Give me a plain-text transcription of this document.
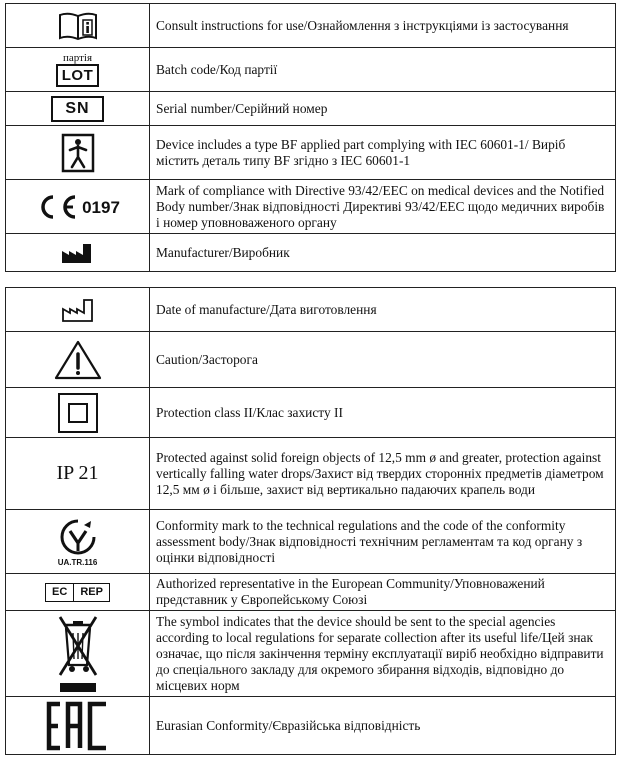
	Consult instructions for use/Ознайомлення з інструкціями із застосування

партія
LOT	Batch code/Код партії

SN	Serial number/Серійний номер

	Device includes a type BF applied part complying with IEC 60601-1/ Виріб містить деталь типу BF згідно з IEC 60601-1

0197	Mark of compliance with Directive 93/42/EEC on medical devices and the Notified Body number/Знак відповідності Директиві 93/42/EEC щодо медичних виробів і номер уповноваженого органу

	Manufacturer/Виробник
	Date of manufacture/Дата виготовлення

	Caution/Засторога

	Protection class II/Клас захисту II

IP 21	Protected against solid foreign objects of 12,5 mm ø and greater, protection against vertically falling water drops/Захист від твердих сторонніх предметів діаметром 12,5 мм ø і більше, захист від вертикально падаючих крапель води

UA.TR.116	Conformity mark to the technical regulations and the code of the conformity assessment body/Знак відповідності технічним регламентам та код органу з оцінки відповідності

EC REP	Authorized representative in the European Community/Уповноважений представник у Європейському Союзі

	The symbol indicates that the device should be sent to the special agencies according to local regulations for separate collection after its useful life/Цей знак означає, що після закінчення терміну експлуатації виріб необхідно відправити до спеціального закладу для окремого збирання відходів, відповідно до місцевих норм

	Eurasian Conformity/Євразійська відповідність
